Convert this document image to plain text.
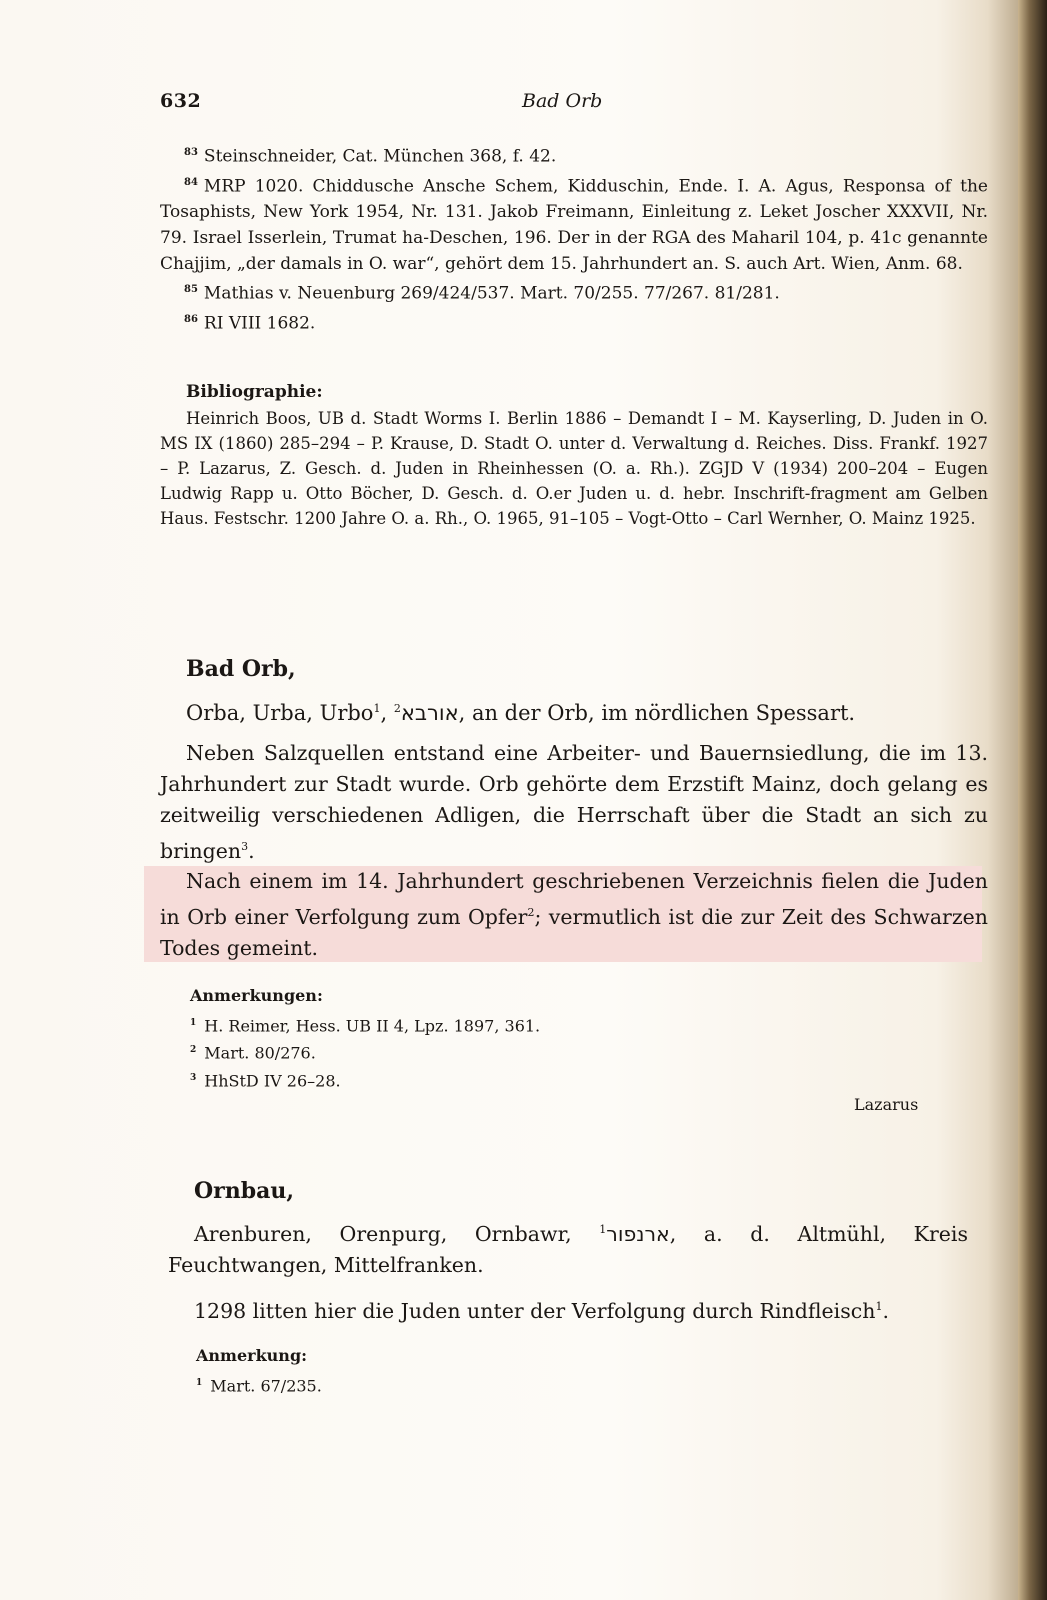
632	Bad Orb
$^{83}$ Steinschneider, Cat. München 368, f. 42.
$^{84}$ MRP 1020. Chiddusche Ansche Schem, Kidduschin, Ende. I. A. Agus, Responsa of the Tosaphists, New York 1954, Nr. 131. Jakob Freimann, Einleitung z. Leket Joscher XXXVII, Nr. 79. Israel Isserlein, Trumat ha-Deschen, 196. Der in der RGA des Maharil 104, p. 41c genannte Chajjim, „der damals in O. war“, gehört dem 15. Jahrhundert an. S. auch Art. Wien, Anm. 68.
$^{85}$ Mathias v. Neuenburg 269/424/537. Mart. 70/255. 77/267. 81/281.
$^{86}$ RI VIII 1682.
Bibliographie:

Heinrich Boos, UB d. Stadt Worms I. Berlin 1886 – Demandt I – M. Kayserling, D. Juden in O. MS IX (1860) 285–294 – P. Krause, D. Stadt O. unter d. Verwaltung d. Reiches. Diss. Frankf. 1927 – P. Lazarus, Z. Gesch. d. Juden in Rheinhessen (O. a. Rh.). ZGJD V (1934) 200–204 – Eugen Ludwig Rapp u. Otto Böcher, D. Gesch. d. O.er Juden u. d. hebr. Inschrift-fragment am Gelben Haus. Festschr. 1200 Jahre O. a. Rh., O. 1965, 91–105 – Vogt-Otto – Carl Wernher, O. Mainz 1925.

Bad Orb,

Orba, Urba, Urbo$^1$, אורבא$^2$	, an der Orb, im nördlichen Spessart.

Neben Salzquellen entstand eine Arbeiter- und Bauernsiedlung, die im 13. Jahrhundert zur Stadt wurde. Orb gehörte dem Erzstift Mainz, doch gelang es zeitweilig verschiedenen Adligen, die Herrschaft über die Stadt an sich zu bringen$^3$.

Nach einem im 14. Jahrhundert geschriebenen Verzeichnis fielen die Juden in Orb einer Verfolgung zum Opfer$^2$; vermutlich ist die zur Zeit des Schwarzen Todes gemeint.

Anmerkungen:
$^1$ H. Reimer, Hess. UB II 4, Lpz. 1897, 361.
$^2$ Mart. 80/276.
$^3$ HhStD IV 26–28.
Lazarus
Ornbau,

Arenburen, Orenpurg, Ornbawr, ארנפור$^1$	, a. d. Altmühl, Kreis Feuchtwangen, Mittelfranken.

1298 litten hier die Juden unter der Verfolgung durch Rindfleisch$^1$.

Anmerkung:
$^1$ Mart. 67/235.
